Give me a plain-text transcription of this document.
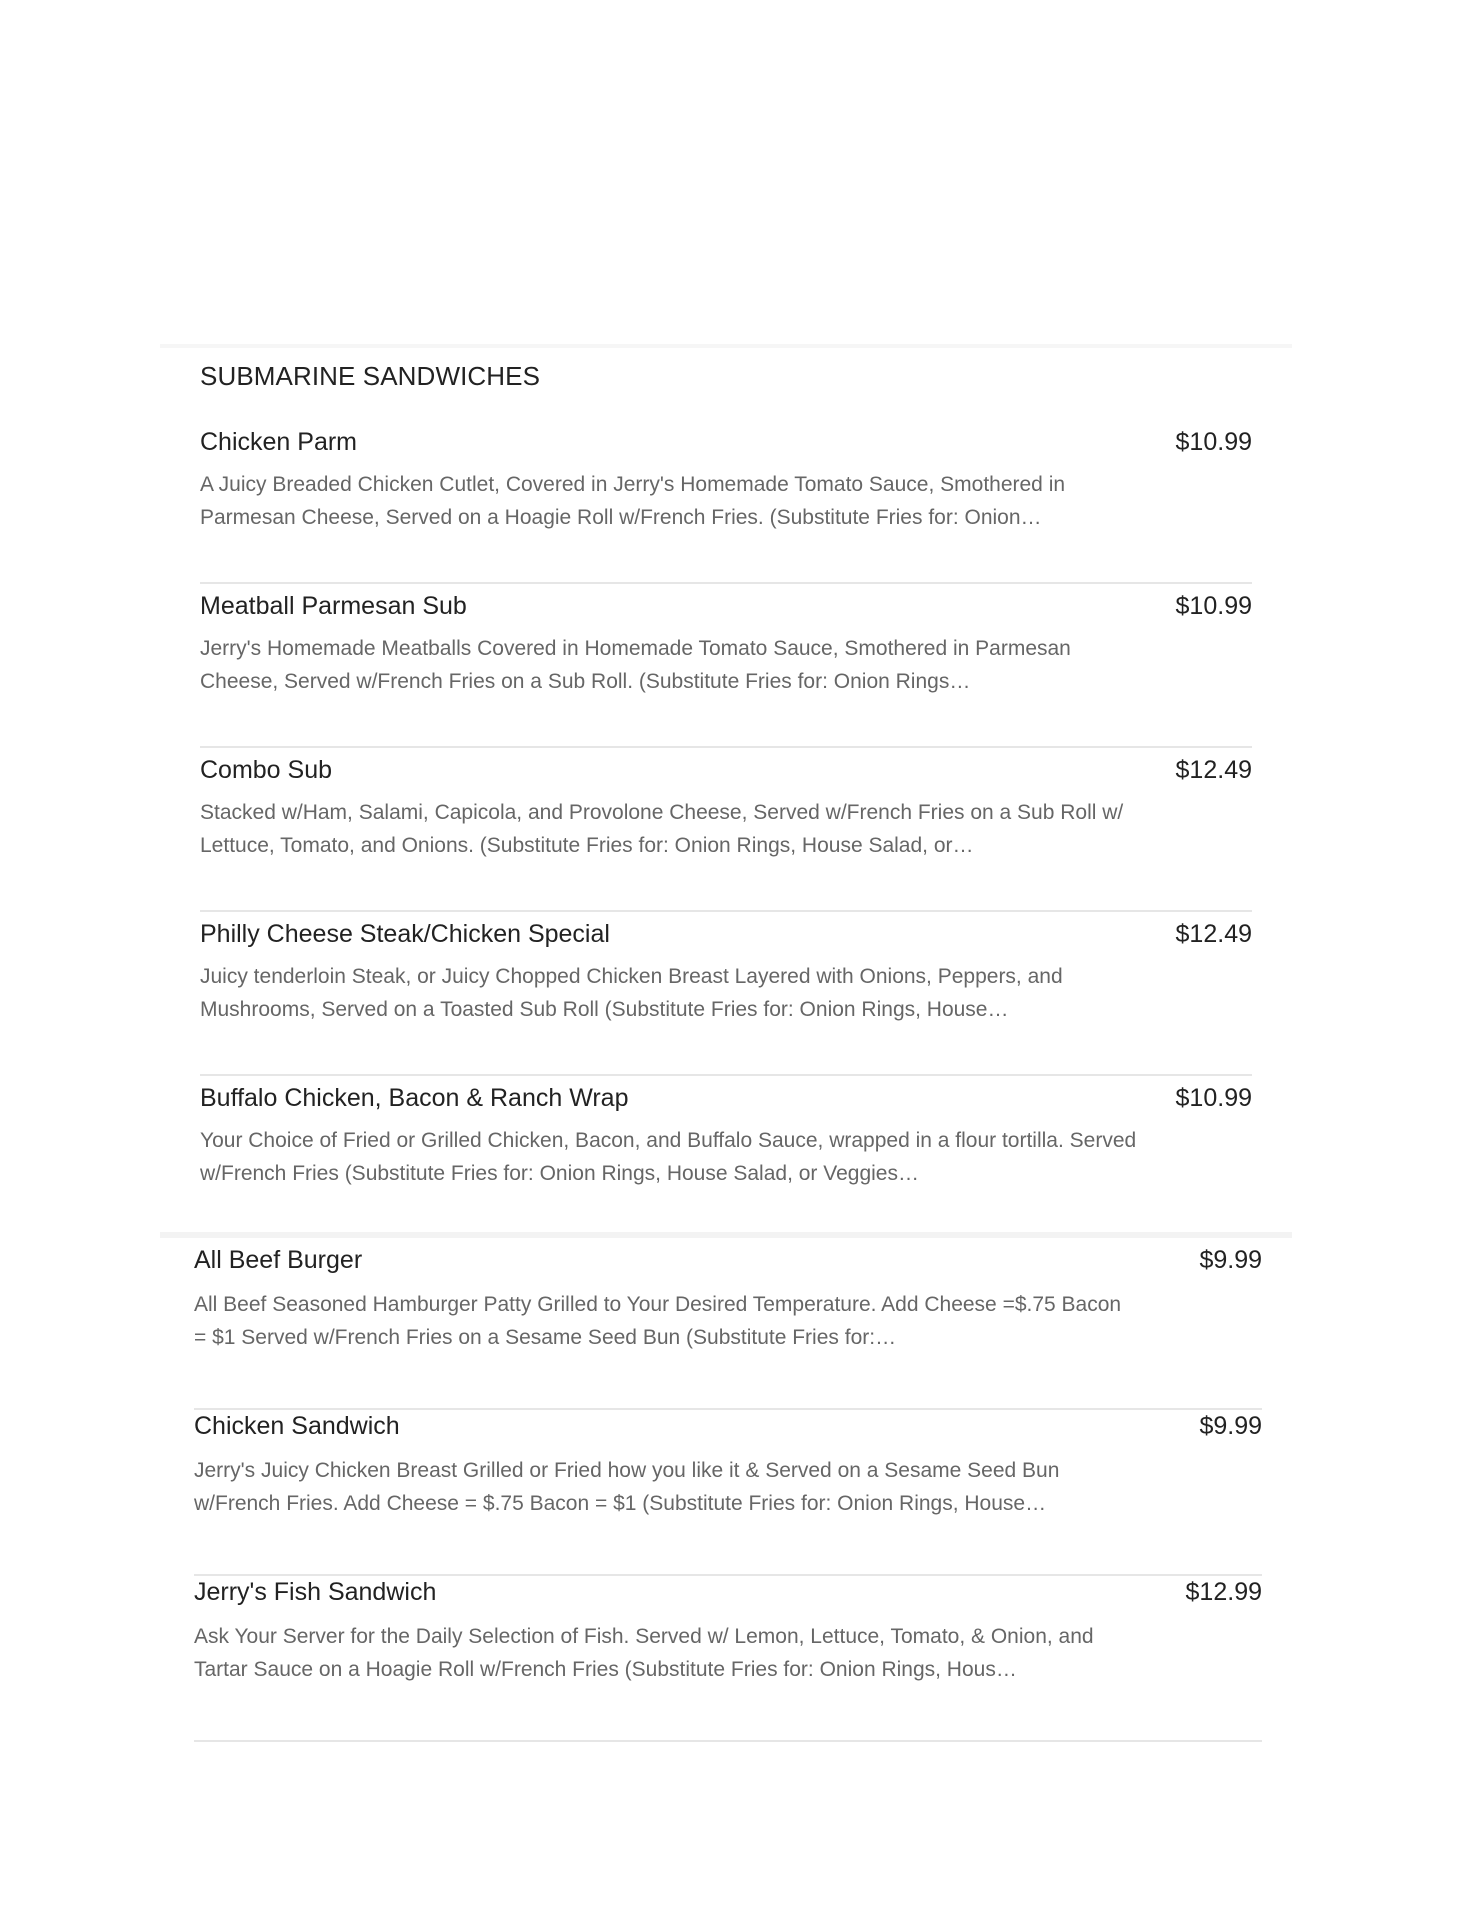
SUBMARINE SANDWICHES
Chicken Parm	$10.99
A Juicy Breaded Chicken Cutlet, Covered in Jerry's Homemade Tomato Sauce, Smothered in Parmesan Cheese, Served on a Hoagie Roll w/French Fries. (Substitute Fries for: Onion…
Meatball Parmesan Sub	$10.99
Jerry's Homemade Meatballs Covered in Homemade Tomato Sauce, Smothered in Parmesan Cheese, Served w/French Fries on a Sub Roll. (Substitute Fries for: Onion Rings…
Combo Sub	$12.49
Stacked w/Ham, Salami, Capicola, and Provolone Cheese, Served w/French Fries on a Sub Roll w/ Lettuce, Tomato, and Onions. (Substitute Fries for: Onion Rings, House Salad, or…
Philly Cheese Steak/Chicken Special	$12.49
Juicy tenderloin Steak, or Juicy Chopped Chicken Breast Layered with Onions, Peppers, and Mushrooms, Served on a Toasted Sub Roll (Substitute Fries for: Onion Rings, House…
Buffalo Chicken, Bacon & Ranch Wrap	$10.99
Your Choice of Fried or Grilled Chicken, Bacon, and Buffalo Sauce, wrapped in a flour tortilla. Served w/French Fries (Substitute Fries for: Onion Rings, House Salad, or Veggies…
All Beef Burger	$9.99
All Beef Seasoned Hamburger Patty Grilled to Your Desired Temperature. Add Cheese =$.75 Bacon = $1 Served w/French Fries on a Sesame Seed Bun (Substitute Fries for:…
Chicken Sandwich	$9.99
Jerry's Juicy Chicken Breast Grilled or Fried how you like it & Served on a Sesame Seed Bun w/French Fries. Add Cheese = $.75 Bacon = $1 (Substitute Fries for: Onion Rings, House…
Jerry's Fish Sandwich	$12.99
Ask Your Server for the Daily Selection of Fish. Served w/ Lemon, Lettuce, Tomato, & Onion, and Tartar Sauce on a Hoagie Roll w/French Fries (Substitute Fries for: Onion Rings, Hous…
